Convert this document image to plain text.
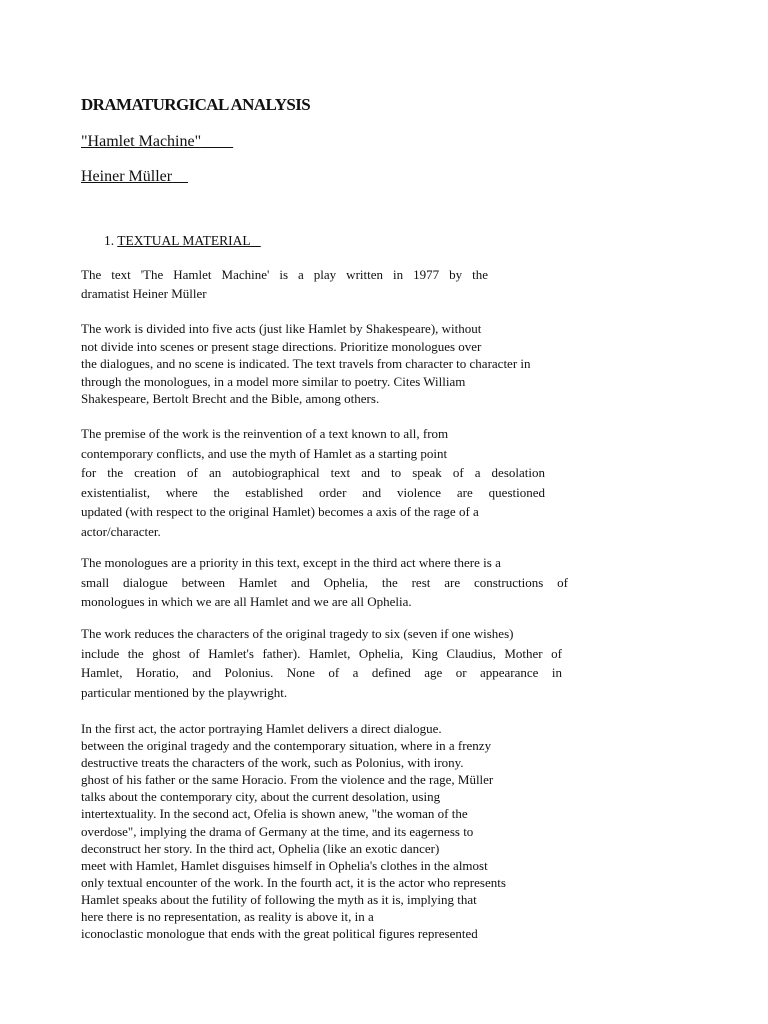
DRAMATURGICAL ANALYSIS
"Hamlet Machine"
Heiner Müller
1. TEXTUAL MATERIAL
The text 'The Hamlet Machine' is a play written in 1977 by the
dramatist Heiner Müller
The work is divided into five acts (just like Hamlet by Shakespeare), without
not divide into scenes or present stage directions. Prioritize monologues over
the dialogues, and no scene is indicated. The text travels from character to character in
through the monologues, in a model more similar to poetry. Cites William
Shakespeare, Bertolt Brecht and the Bible, among others.
The premise of the work is the reinvention of a text known to all, from
contemporary conflicts, and use the myth of Hamlet as a starting point
for the creation of an autobiographical text and to speak of a desolation
existentialist, where the established order and violence are questioned
updated (with respect to the original Hamlet) becomes a axis of the rage of a
actor/character.
The monologues are a priority in this text, except in the third act where there is a
small dialogue between Hamlet and Ophelia, the rest are constructions of
monologues in which we are all Hamlet and we are all Ophelia.
The work reduces the characters of the original tragedy to six (seven if one wishes)
include the ghost of Hamlet's father). Hamlet, Ophelia, King Claudius, Mother of
Hamlet, Horatio, and Polonius. None of a defined age or appearance in
particular mentioned by the playwright.
In the first act, the actor portraying Hamlet delivers a direct dialogue.
between the original tragedy and the contemporary situation, where in a frenzy
destructive treats the characters of the work, such as Polonius, with irony.
ghost of his father or the same Horacio. From the violence and the rage, Müller
talks about the contemporary city, about the current desolation, using
intertextuality. In the second act, Ofelia is shown anew, "the woman of the
overdose", implying the drama of Germany at the time, and its eagerness to
deconstruct her story. In the third act, Ophelia (like an exotic dancer)
meet with Hamlet, Hamlet disguises himself in Ophelia's clothes in the almost
only textual encounter of the work. In the fourth act, it is the actor who represents
Hamlet speaks about the futility of following the myth as it is, implying that
here there is no representation, as reality is above it, in a
iconoclastic monologue that ends with the great political figures represented
